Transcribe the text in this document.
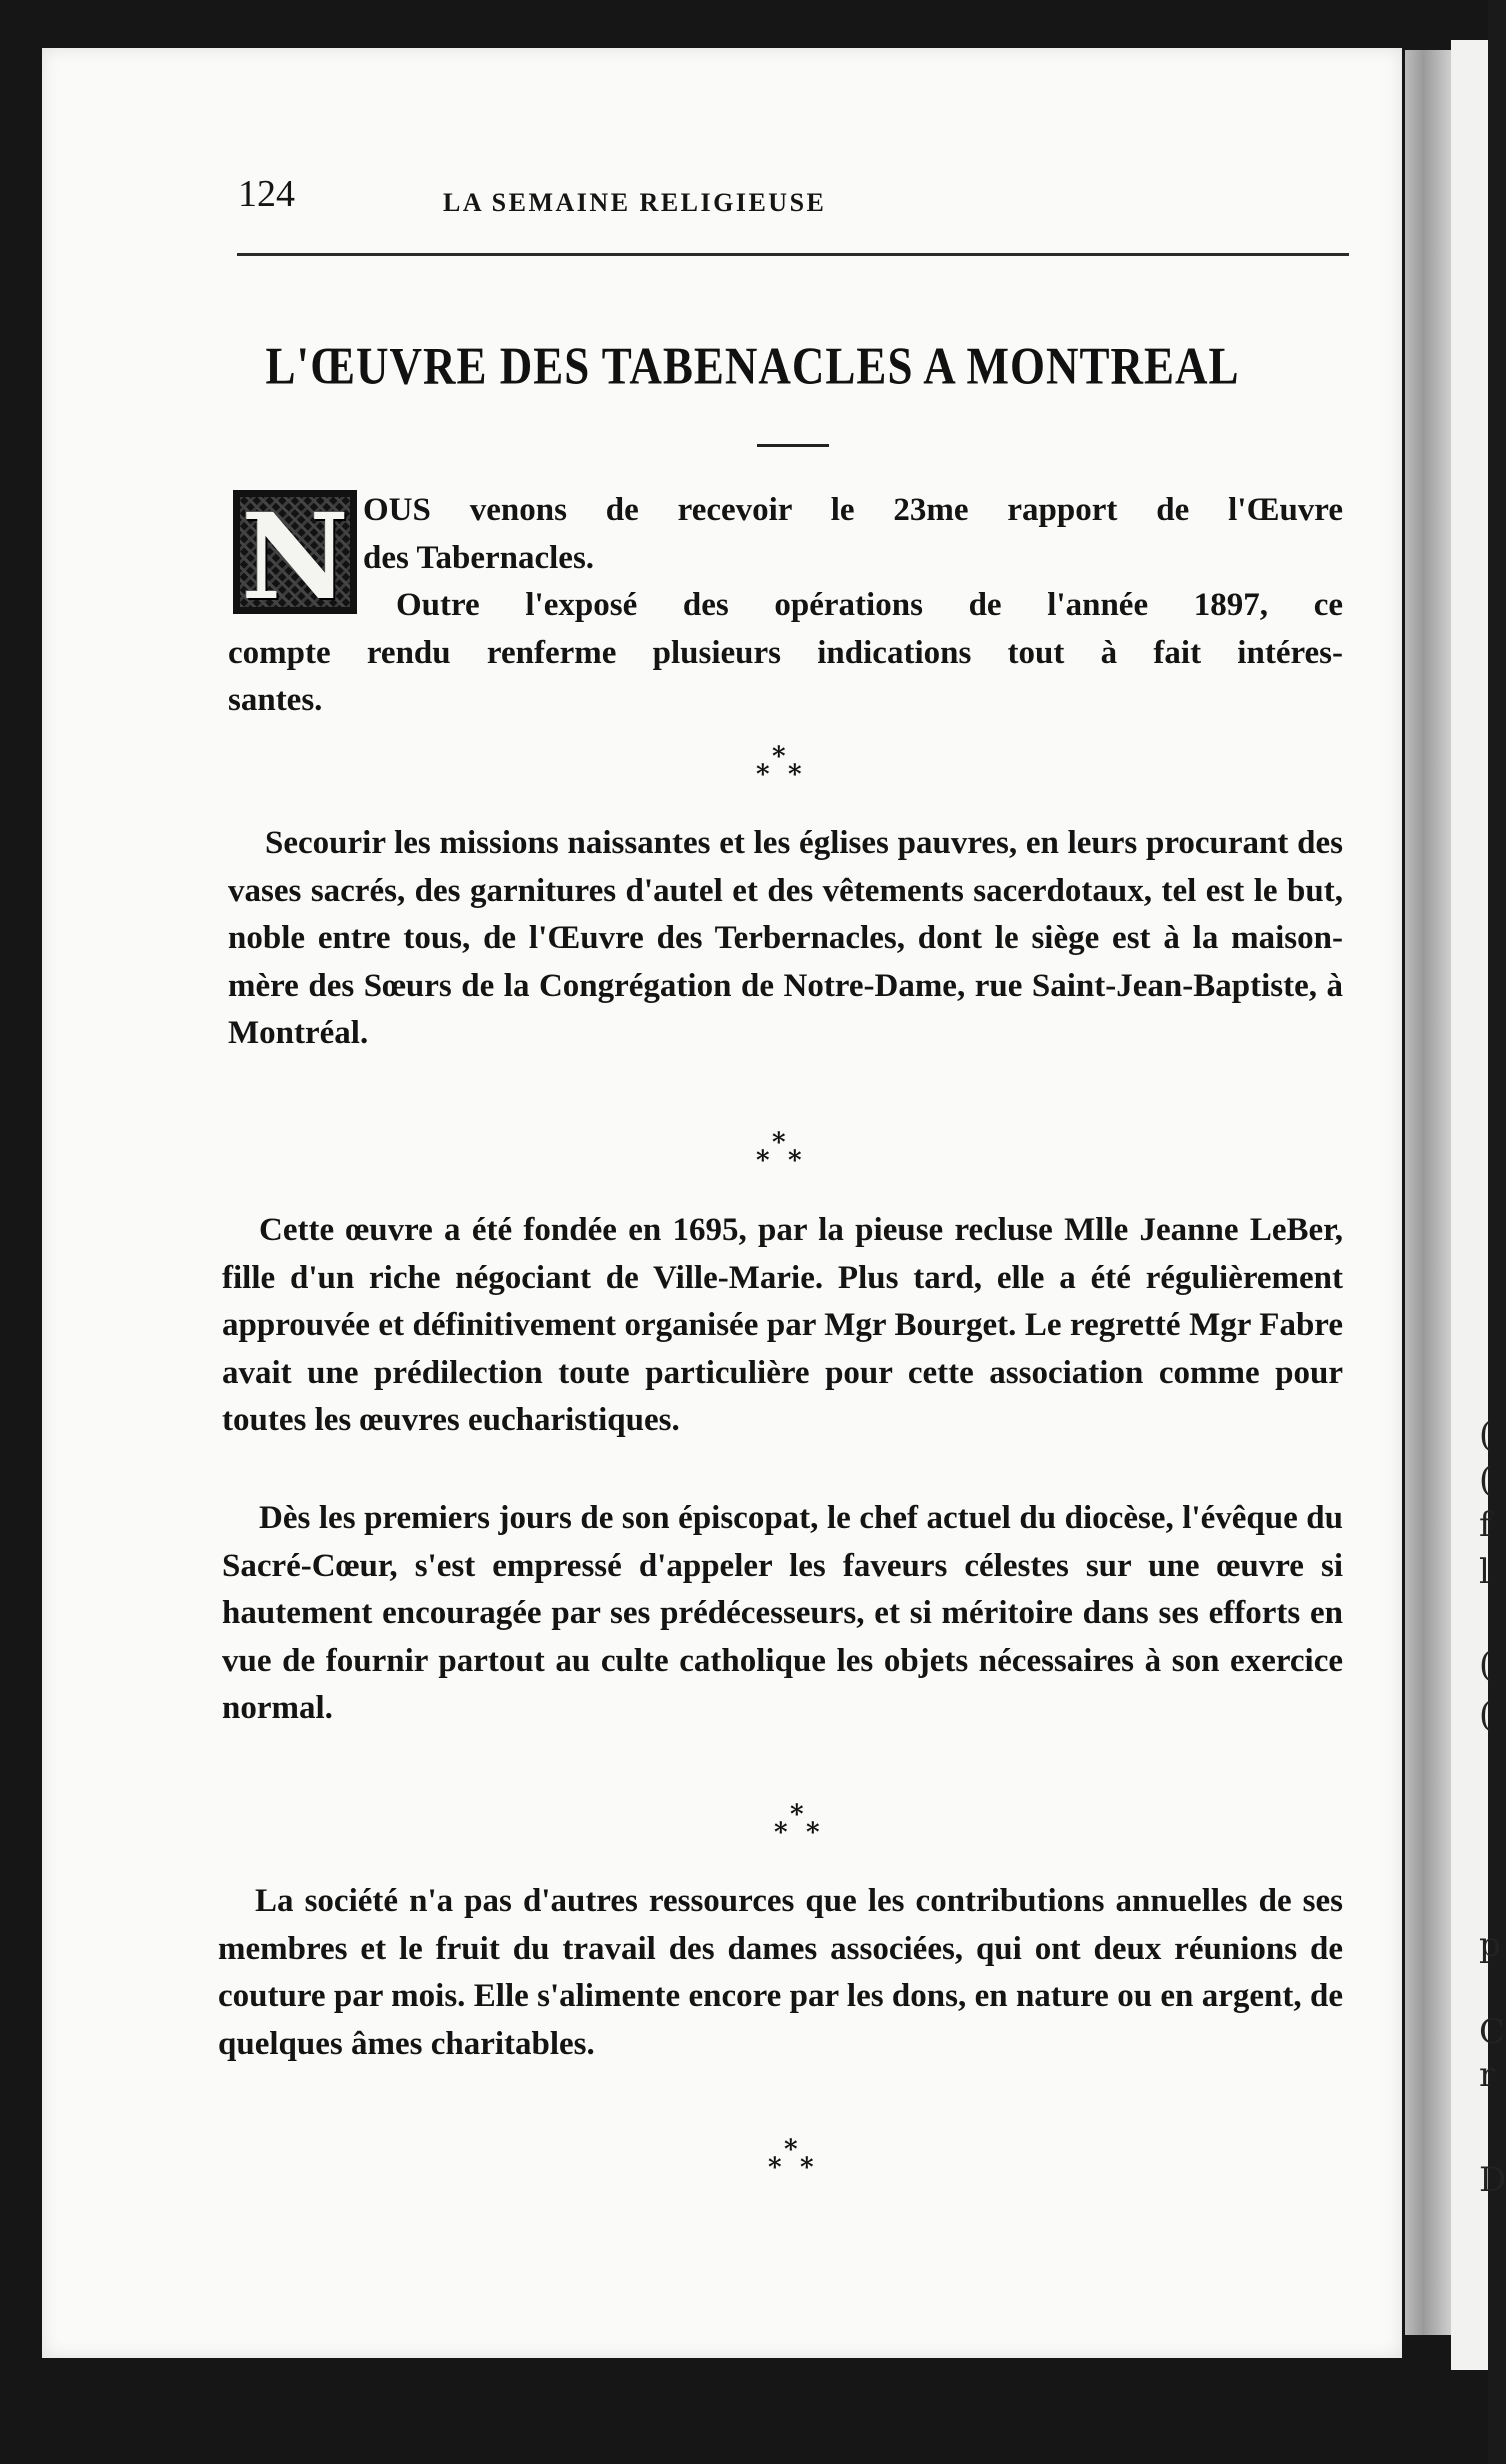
(
(
f
l
(
(
p
C
r
D
124	LA SEMAINE RELIGIEUSE
L'ŒUVRE DES TABENACLES A MONTREAL
N OUS venons de recevoir le 23me rapport de l'Œuvre
des Tabernacles.
Outre l'exposé des opérations de l'année 1897, ce
compte rendu renferme plusieurs indications tout à fait intéres-
santes.
*
* *

Secourir les missions naissantes et les églises pauvres, en leurs procurant des vases sacrés, des garnitures d'autel et des vêtements sacerdotaux, tel est le but, noble entre tous, de l'Œuvre des Terbernacles, dont le siège est à la maison-mère des Sœurs de la Congrégation de Notre-Dame, rue Saint-Jean-Baptiste, à Montréal.

*
* *

Cette œuvre a été fondée en 1695, par la pieuse recluse Mlle Jeanne LeBer, fille d'un riche négociant de Ville-Marie. Plus tard, elle a été régulièrement approuvée et définitivement organisée par Mgr Bourget. Le regretté Mgr Fabre avait une prédilection toute particulière pour cette association comme pour toutes les œuvres eucharistiques.

Dès les premiers jours de son épiscopat, le chef actuel du diocèse, l'évêque du Sacré-Cœur, s'est empressé d'appeler les faveurs célestes sur une œuvre si hautement encouragée par ses prédécesseurs, et si méritoire dans ses efforts en vue de fournir partout au culte catholique les objets nécessaires à son exercice normal.

*
* *

La société n'a pas d'autres ressources que les contributions annuelles de ses membres et le fruit du travail des dames associées, qui ont deux réunions de couture par mois. Elle s'alimente encore par les dons, en nature ou en argent, de quelques âmes charitables.

*
* *
